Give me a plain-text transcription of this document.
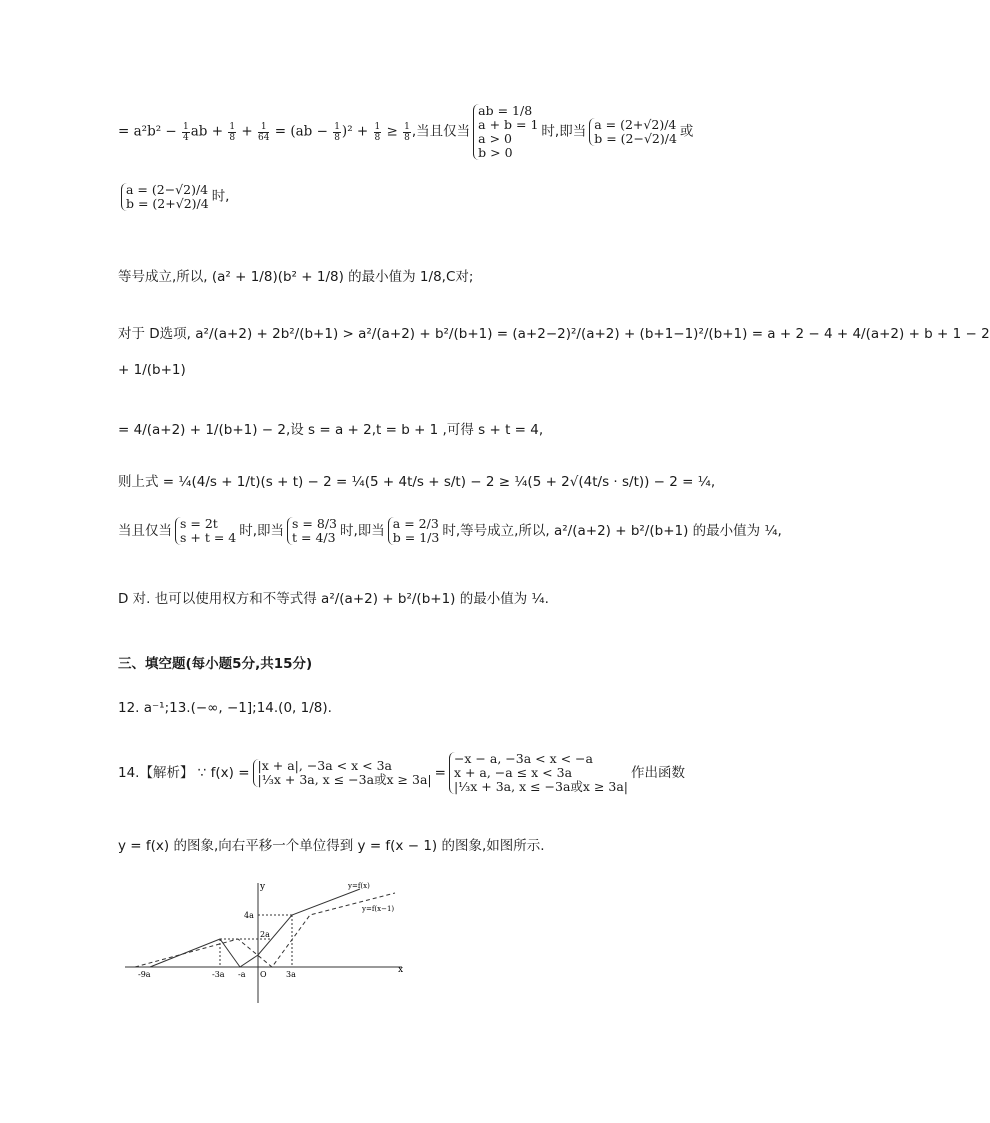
= $a^2b^2 - \frac{1}{4}$ ab + $\frac{1}{8} + \frac{1}{64} = (ab - \frac{1}{8} )^2 + \frac{1}{8} \ge \frac{1}{8}$ ,当且仅当
ab = 1/8
a + b = 1
a > 0
b > 0
时,即当 a = (2+√2)/4
b = (2−√2)/4 或
a = (2−√2)/4
b = (2+√2)/4 时,
等号成立,所以, (a² + 1/8)(b² + 1/8) 的最小值为 1/8,C对;
对于 D选项, a²/(a+2) + 2b²/(b+1) > a²/(a+2) + b²/(b+1) = (a+2−2)²/(a+2) + (b+1−1)²/(b+1) = a + 2 − 4 + 4/(a+2) + b + 1 − 2
+ 1/(b+1)
= 4/(a+2) + 1/(b+1) − 2,设 s = a + 2,t = b + 1 ,可得 s + t = 4,
则上式 = ¼(4/s + 1/t)(s + t) − 2 = ¼(5 + 4t/s + s/t) − 2 ≥ ¼(5 + 2√(4t/s · s/t)) − 2 = ¼,
当且仅当 s = 2t
s + t = 4 时,即当 s = 8/3
t = 4/3 时,即当 a = 2/3
b = 1/3 时,等号成立,所以, a²/(a+2) + b²/(b+1) 的最小值为 ¼,
D 对. 也可以使用权方和不等式得 a²/(a+2) + b²/(b+1) 的最小值为 ¼.
三、填空题(每小题5分,共15分)
12. a⁻¹;13.(−∞, −1];14.(0, 1/8).
14.【解析】 ∵ f(x) = |x + a|, −3a < x < 3a
|⅓x + 3a, x ≤ −3a或x ≥ 3a| =
−x − a, −3a < x < −a
x + a, −a ≤ x < 3a
|⅓x + 3a, x ≤ −3a或x ≥ 3a|
作出函数
y = f(x) 的图象,向右平移一个单位得到 y = f(x − 1) 的图象,如图所示.
x
y
-9a	-3a -a O 3a
4a
2a
y=f(x)
y=f(x−1)
